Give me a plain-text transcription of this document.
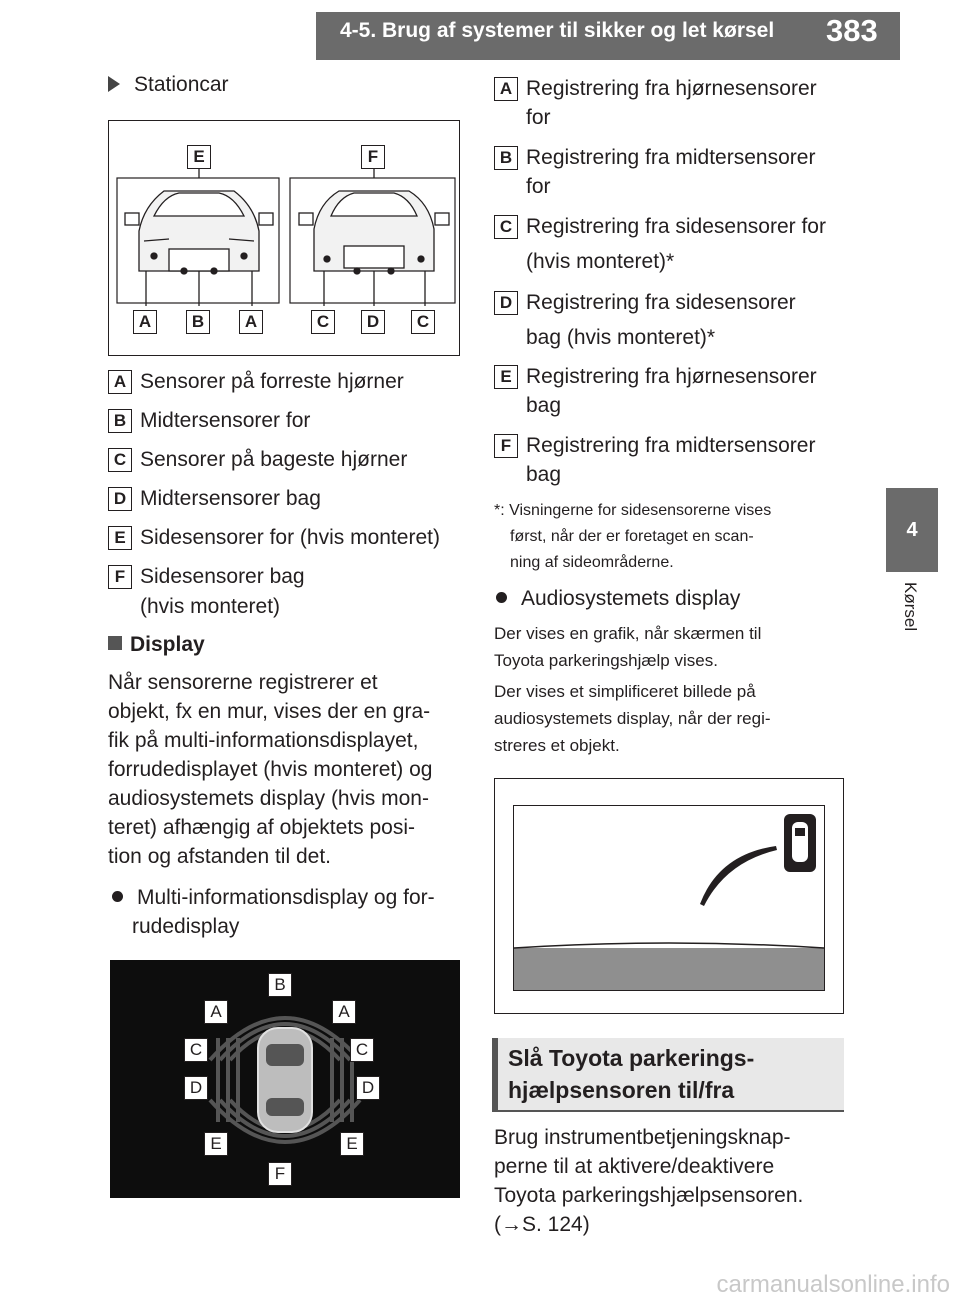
4-5. Brug af systemer til sikker og let kørsel 383
4
Kørsel
Stationcar
E	F
A	B	A	C	D	C
A Sensorer på forreste hjørner
B Midtersensorer for
C Sensorer på bageste hjørner
D Midtersensorer bag
E Sidesensorer for (hvis monteret)
F Sidesensorer bag
(hvis monteret)
Display
Når sensorerne registrerer et
objekt, fx en mur, vises der en gra-
fik på multi-informationsdisplayet,
forrudedisplayet (hvis monteret) og
audiosystemets display (hvis mon-
teret) afhængig af objektets posi-
tion og afstanden til det.
Multi-informationsdisplay og for-
rudedisplay
B
A	A
C	C
D	D
E	E
F
A Registrering fra hjørnesensorer
for
B Registrering fra midtersensorer
for
C Registrering fra sidesensorer for
(hvis monteret)*
D Registrering fra sidesensorer
bag (hvis monteret)*
E Registrering fra hjørnesensorer
bag
F Registrering fra midtersensorer
bag
*: Visningerne for sidesensorerne vises
først, når der er foretaget en scan-
ning af sideområderne.
Audiosystemets display
Der vises en grafik, når skærmen til
Toyota parkeringshjælp vises.
Der vises et simplificeret billede på
audiosystemets display, når der regi-
streres et objekt.
Slå Toyota parkerings-
hjælpsensoren til/fra
Brug instrumentbetjeningsknap-
perne til at aktivere/deaktivere
Toyota parkeringshjælpsensoren.
(→S. 124)
carmanualsonline.info
